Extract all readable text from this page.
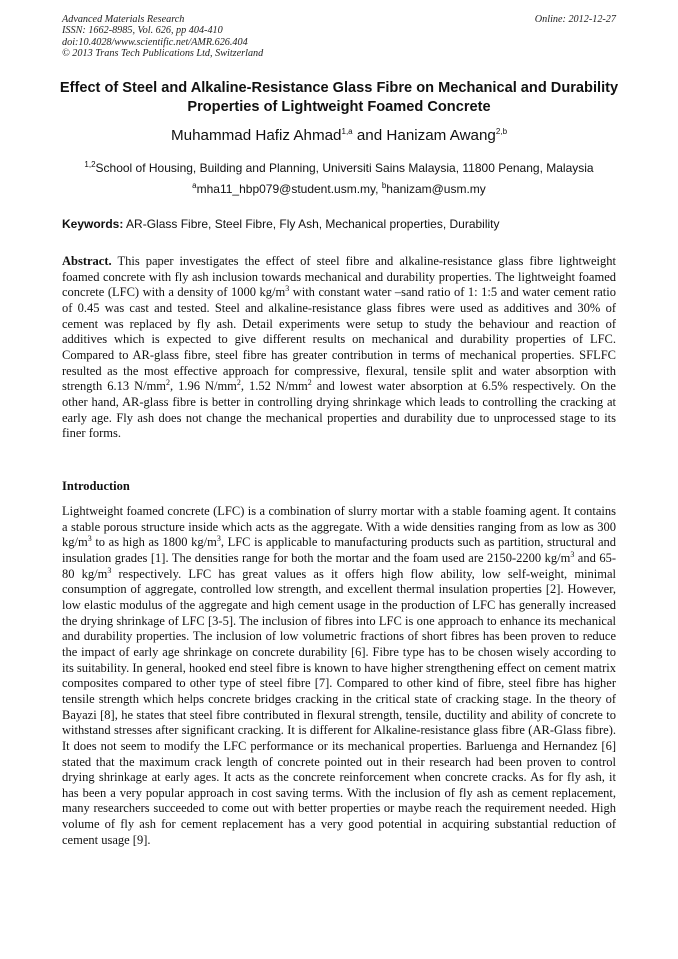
Advanced Materials Research
ISSN: 1662-8985, Vol. 626, pp 404-410
doi:10.4028/www.scientific.net/AMR.626.404
© 2013 Trans Tech Publications Ltd, Switzerland
Online: 2012-12-27
Effect of Steel and Alkaline-Resistance Glass Fibre on Mechanical and Durability Properties of Lightweight Foamed Concrete
Muhammad Hafiz Ahmad$^{1,a}$ and Hanizam Awang$^{2,b}$
$^{1,2}$School of Housing, Building and Planning, Universiti Sains Malaysia, 11800 Penang, Malaysia
$^a$mha11_hbp079@student.usm.my, $^b$hanizam@usm.my
Keywords: AR-Glass Fibre, Steel Fibre, Fly Ash, Mechanical properties, Durability
Abstract. This paper investigates the effect of steel fibre and alkaline-resistance glass fibre lightweight foamed concrete with fly ash inclusion towards mechanical and durability properties. The lightweight foamed concrete (LFC) with a density of 1000 $kg/m^3$ with constant water –sand ratio of 1: 1:5 and water cement ratio of 0.45 was cast and tested. Steel and alkaline-resistance glass fibres were used as additives and 30% of cement was replaced by fly ash. Detail experiments were setup to study the behaviour and reaction of additives which is expected to give different results on mechanical and durability properties of LFC. Compared to AR-glass fibre, steel fibre has greater contribution in terms of mechanical properties. SFLFC resulted as the most effective approach for compressive, flexural, tensile split and water absorption with strength 6.13 $N/mm^2$, 1.96 $N/mm^2$, 1.52 $N/mm^2$ and lowest water absorption at 6.5% respectively. On the other hand, AR-glass fibre is better in controlling drying shrinkage which leads to controlling the cracking at early age. Fly ash does not change the mechanical properties and durability due to unprocessed stage to its finer forms.
Introduction
Lightweight foamed concrete (LFC) is a combination of slurry mortar with a stable foaming agent. It contains a stable porous structure inside which acts as the aggregate. With a wide densities ranging from as low as 300 $kg/m^3$ to as high as 1800 $kg/m^3$, LFC is applicable to manufacturing products such as partition, structural and insulation grades [1]. The densities range for both the mortar and the foam used are 2150-2200 $kg/m^3$ and 65-80 $kg/m^3$ respectively. LFC has great values as it offers high flow ability, low self-weight, minimal consumption of aggregate, controlled low strength, and excellent thermal insulation properties [2]. However, low elastic modulus of the aggregate and high cement usage in the production of LFC has generally increased the drying shrinkage of LFC [3-5]. The inclusion of fibres into LFC is one approach to enhance its mechanical and durability properties. The inclusion of low volumetric fractions of short fibres has been proven to reduce the impact of early age shrinkage on concrete durability [6]. Fibre type has to be chosen wisely according to its suitability. In general, hooked end steel fibre is known to have higher strengthening effect on cement matrix composites compared to other type of steel fibre [7]. Compared to other kind of fibre, steel fibre has higher tensile strength which helps concrete bridges cracking in the critical state of cracking stage. In the theory of Bayazi [8], he states that steel fibre contributed in flexural strength, tensile, ductility and ability of concrete to withstand stresses after significant cracking. It is different for Alkaline-resistance glass fibre (AR-Glass fibre). It does not seem to modify the LFC performance or its mechanical properties. Barluenga and Hernandez [6] stated that the maximum crack length of concrete pointed out in their research had been proven to control drying shrinkage at early ages. It acts as the concrete reinforcement when concrete cracks. As for fly ash, it has been a very popular approach in cost saving terms. With the inclusion of fly ash as cement replacement, many researchers succeeded to come out with better properties or maybe reach the requirement needed. High volume of fly ash for cement replacement has a very good potential in acquiring substantial reduction of cement usage [9].
